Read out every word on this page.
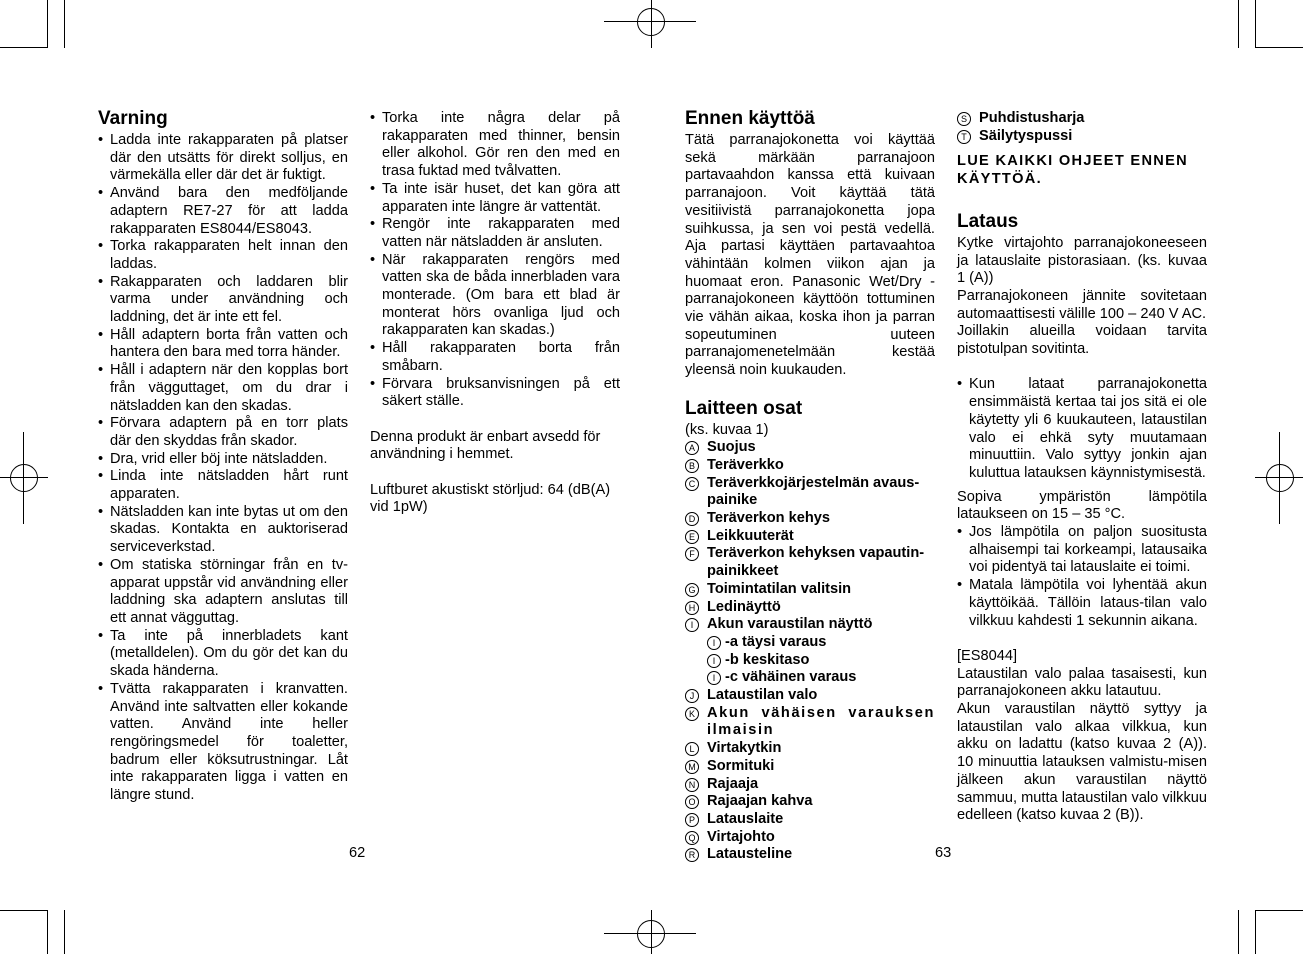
Varning
• Ladda inte rakapparaten på platser där den utsätts för direkt solljus, en värmekälla eller där det är fuktigt.
• Använd bara den medföljande adaptern RE7-27 för att ladda rakapparaten ES8044/ES8043.
• Torka rakapparaten helt innan den laddas.
• Rakapparaten och laddaren blir varma under användning och laddning, det är inte ett fel.
• Håll adaptern borta från vatten och hantera den bara med torra händer.
• Håll i adaptern när den kopplas bort från vägguttaget, om du drar i nätsladden kan den skadas.
• Förvara adaptern på en torr plats där den skyddas från skador.
• Dra, vrid eller böj inte nätsladden.
• Linda inte nätsladden hårt runt apparaten.
• Nätsladden kan inte bytas ut om den skadas. Kontakta en auktoriserad serviceverkstad.
• Om statiska störningar från en tv-apparat uppstår vid användning eller laddning ska adaptern anslutas till ett annat vägguttag.
• Ta inte på innerbladets kant (metalldelen). Om du gör det kan du skada händerna.
• Tvätta rakapparaten i kranvatten. Använd inte saltvatten eller kokande vatten. Använd inte heller rengöringsmedel för toaletter, badrum eller köksutrustningar. Låt inte rakapparaten ligga i vatten en längre stund.
• Torka inte några delar på rakapparaten med thinner, bensin eller alkohol. Gör ren den med en trasa fuktad med tvålvatten.
• Ta inte isär huset, det kan göra att apparaten inte längre är vattentät.
• Rengör inte rakapparaten med vatten när nätsladden är ansluten.
• När rakapparaten rengörs med vatten ska de båda innerbladen vara monterade. (Om bara ett blad är monterat hörs ovanliga ljud och rakapparaten kan skadas.)
• Håll rakapparaten borta från småbarn.
• Förvara bruksanvisningen på ett säkert ställe.

Denna produkt är enbart avsedd för användning i hemmet.

Luftburet akustiskt störljud: 64 (dB(A) vid 1pW)

62
Ennen käyttöä

Tätä parranajokonetta voi käyttää sekä märkään parranajoon partavaahdon kanssa että kuivaan parranajoon. Voit käyttää tätä vesitiivistä parranajokonetta jopa suihkussa, ja sen voi pestä vedellä. Aja partasi käyttäen partavaahtoa vähintään kolmen viikon ajan ja huomaat eron. Panasonic Wet/Dry -parranajokoneen käyttöön tottuminen vie vähän aikaa, koska ihon ja parran sopeutuminen uuteen parranajomenetelmään kestää yleensä noin kuukauden.

Laitteen osat

(ks. kuvaa 1)

A Suojus
B Teräverkko
C Teräverkkojärjestelmän avaus-painike
D Teräverkon kehys
E Leikkuuterät
F Teräverkon kehyksen vapautin-painikkeet
G Toimintatilan valitsin
H Ledinäyttö
I Akun varaustilan näyttö
I -a täysi varaus
I -b keskitaso
I -c vähäinen varaus
J Lataustilan valo
K Akun vähäisen varauksen ilmaisin
L Virtakytkin
M Sormituki
N Rajaaja
O Rajaajan kahva
P Latauslaite
Q Virtajohto
R Latausteline	63
S Puhdistusharja
T Säilytyspussi

LUE KAIKKI OHJEET ENNEN KÄYTTÖÄ.

Lataus

Kytke virtajohto parranajokoneeseen ja latauslaite pistorasiaan. (ks. kuvaa 1 (A))

Parranajokoneen jännite sovitetaan automaattisesti välille 100 – 240 V AC.

Joillakin alueilla voidaan tarvita pistotulpan sovitinta.

• Kun lataat parranajokonetta ensimmäistä kertaa tai jos sitä ei ole käytetty yli 6 kuukauteen, lataustilan valo ei ehkä syty muutamaan minuuttiin. Valo syttyy jonkin ajan kuluttua latauksen käynnistymisestä.

Sopiva ympäristön lämpötila lataukseen on 15 – 35 °C.

• Jos lämpötila on paljon suositusta alhaisempi tai korkeampi, latausaika voi pidentyä tai latauslaite ei toimi.
• Matala lämpötila voi lyhentää akun käyttöikää. Tällöin lataus-tilan valo vilkkuu kahdesti 1 sekunnin aikana.

[ES8044]

Lataustilan valo palaa tasaisesti, kun parranajokoneen akku latautuu.

Akun varaustilan näyttö syttyy ja lataustilan valo alkaa vilkkua, kun akku on ladattu (katso kuvaa 2 (A)). 10 minuuttia latauksen valmistu-misen jälkeen akun varaustilan näyttö sammuu, mutta lataustilan valo vilkkuu edelleen (katso kuvaa 2 (B)).
